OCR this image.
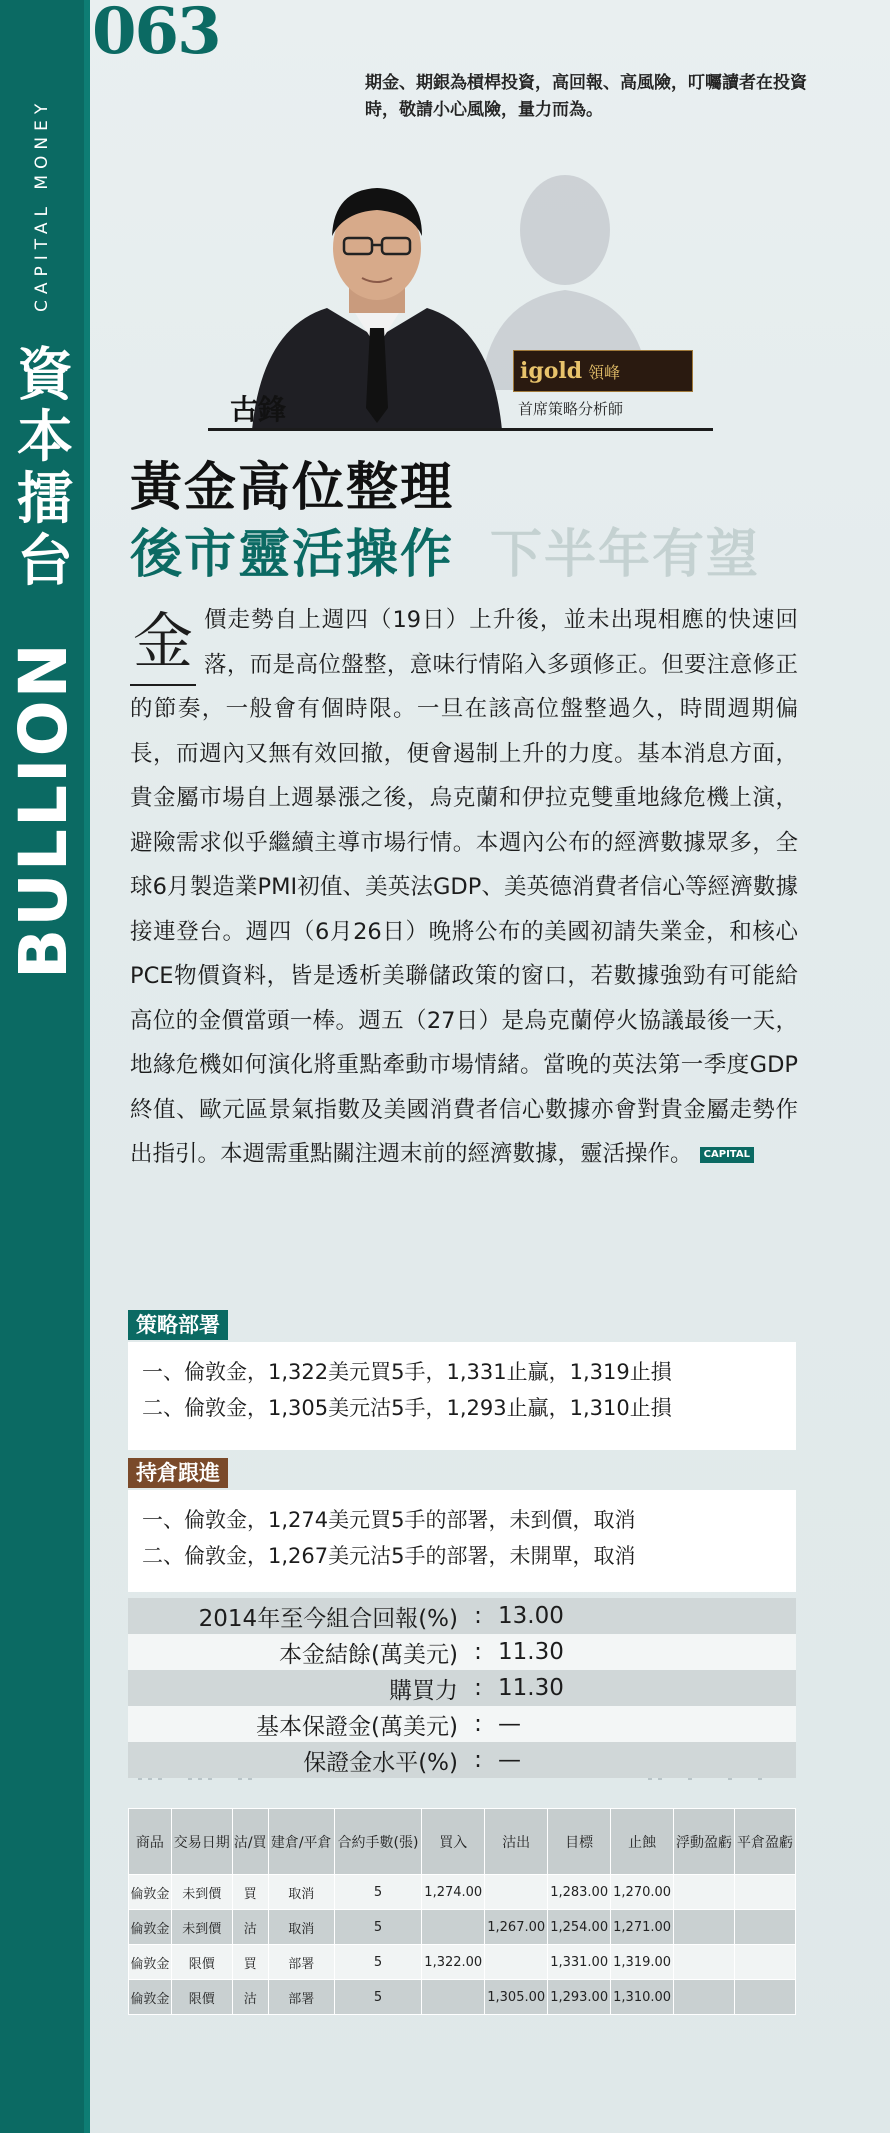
CAPITAL MONEY
資本擂台
BULLION
063
期金、期銀為槓桿投資，高回報、高風險，叮囑讀者在投資時，敬請小心風險，量力而為。
igold 領峰
古鋒	首席策略分析師
下半年有望
黃金高位整理
後市靈活操作
金 價走勢自上週四（19日）上升後，並未出現相應的快速回落，而是高位盤整，意味行情陷入多頭修正。但要注意修正的節奏，一般會有個時限。一旦在該高位盤整過久，時間週期偏長，而週內又無有效回撤，便會遏制上升的力度。基本消息方面，貴金屬市場自上週暴漲之後，烏克蘭和伊拉克雙重地緣危機上演，避險需求似乎繼續主導市場行情。本週內公布的經濟數據眾多，全球6月製造業PMI初值、美英法GDP、美英德消費者信心等經濟數據接連登台。週四（6月26日）晚將公布的美國初請失業金，和核心PCE物價資料，皆是透析美聯儲政策的窗口，若數據強勁有可能給高位的金價當頭一棒。週五（27日）是烏克蘭停火協議最後一天，地緣危機如何演化將重點牽動市場情緒。當晚的英法第一季度GDP終值、歐元區景氣指數及美國消費者信心數據亦會對貴金屬走勢作出指引。本週需重點關注週末前的經濟數據，靈活操作。 CAPITAL
策略部署
一、倫敦金，1,322美元買5手，1,331止贏，1,319止損
二、倫敦金，1,305美元沽5手，1,293止贏，1,310止損
持倉跟進
一、倫敦金，1,274美元買5手的部署，未到價，取消
二、倫敦金，1,267美元沽5手的部署，未開單，取消
2014年至今組合回報(%) : 13.00
本金結餘(萬美元) : 11.30
購買力 : 11.30
基本保證金(萬美元) : —
保證金水平(%) : —
商品	交易日期	沽/買	建倉/平倉	合約手數(張)	買入	沽出	目標	止蝕	浮動盈虧	平倉盈虧
倫敦金	未到價	買	取消	5	1,274.00		1,283.00	1,270.00		
倫敦金	未到價	沽	取消	5		1,267.00	1,254.00	1,271.00		
倫敦金	限價	買	部署	5	1,322.00		1,331.00	1,319.00		
倫敦金	限價	沽	部署	5		1,305.00	1,293.00	1,310.00		
